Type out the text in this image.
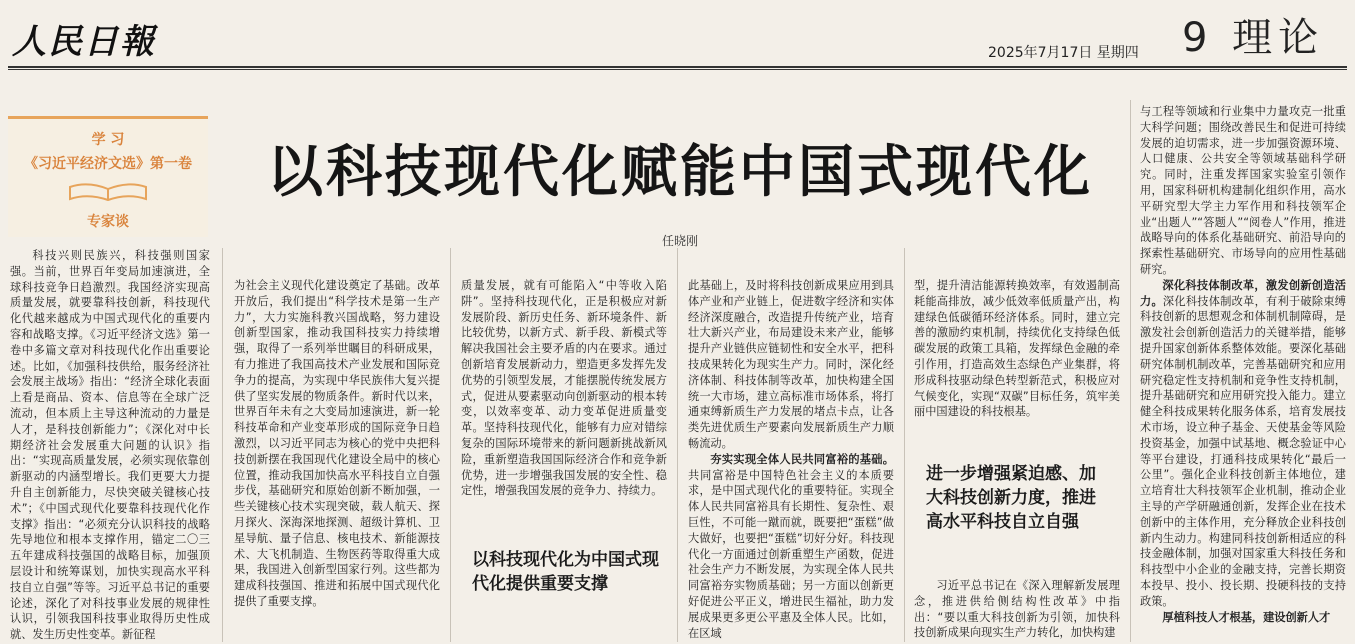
人民日報	2025年7月17日 星期四 9 理论
学 习
《习近平经济文选》第一卷
专家谈
以科技现代化赋能中国式现代化
任晓刚

科技兴则民族兴，科技强则国家强。当前，世界百年变局加速演进，全球科技竞争日趋激烈。我国经济实现高质量发展，就要靠科技创新，科技现代化代越来越成为中国式现代化的重要内容和战略支撑。《习近平经济文选》第一卷中多篇文章对科技现代化作出重要论述。比如，《加强科技供给，服务经济社会发展主战场》指出：“经济全球化表面上看是商品、资本、信息等在全球广泛流动，但本质上主导这种流动的力量是人才，是科技创新能力”；《深化对中长期经济社会发展重大问题的认识》指出：“实现高质量发展，必须实现依靠创新驱动的内涵型增长。我们更要大力提升自主创新能力，尽快突破关键核心技术”；《中国式现代化要靠科技现代化作支撑》指出：“必须充分认识科技的战略先导地位和根本支撑作用，锚定二〇三五年建成科技强国的战略目标，加强顶层设计和统筹谋划，加快实现高水平科技自立自强”等等。习近平总书记的重要论述，深化了对科技事业发展的规律性认识，引领我国科技事业取得历史性成就、发生历史性变革。新征程

为社会主义现代化建设奠定了基础。改革开放后，我们提出“科学技术是第一生产力”，大力实施科教兴国战略，努力建设创新型国家，推动我国科技实力持续增强，取得了一系列举世瞩目的科研成果，有力推进了我国高技术产业发展和国际竞争力的提高，为实现中华民族伟大复兴提供了坚实发展的物质条件。新时代以来，世界百年未有之大变局加速演进，新一轮科技革命和产业变革形成的国际竞争日趋激烈，以习近平同志为核心的党中央把科技创新摆在我国现代化建设全局中的核心位置，推动我国加快高水平科技自立自强步伐，基础研究和原始创新不断加强，一些关键核心技术实现突破，载人航天、探月探火、深海深地探测、超级计算机、卫星导航、量子信息、核电技术、新能源技术、大飞机制造、生物医药等取得重大成果，我国进入创新型国家行列。这些都为建成科技强国、推进和拓展中国式现代化提供了重要支撑。

质量发展，就有可能陷入“中等收入陷阱”。坚持科技现代化，正是积极应对新发展阶段、新历史任务、新环境条件、新比较优势，以新方式、新手段、新模式等解决我国社会主要矛盾的内在要求。通过创新培育发展新动力，塑造更多发挥先发优势的引领型发展，才能摆脱传统发展方式，促进从要素驱动向创新驱动的根本转变，以效率变革、动力变革促进质量变革。坚持科技现代化，能够有力应对错综复杂的国际环境带来的新问题新挑战新风险，重新塑造我国国际经济合作和竞争新优势，进一步增强我国发展的安全性、稳定性，增强我国发展的竞争力、持续力。

以科技现代化为中国式现代化提供重要支撑

此基础上，及时将科技创新成果应用到具体产业和产业链上，促进数字经济和实体经济深度融合，改造提升传统产业，培育壮大新兴产业，布局建设未来产业，能够提升产业链供应链韧性和安全水平，把科技成果转化为现实生产力。同时，深化经济体制、科技体制等改革，加快构建全国统一大市场，建立高标准市场体系，将打通束缚新质生产力发展的堵点卡点，让各类先进优质生产要素向发展新质生产力顺畅流动。

夯实实现全体人民共同富裕的基础。共同富裕是中国特色社会主义的本质要求，是中国式现代化的重要特征。实现全体人民共同富裕具有长期性、复杂性、艰巨性，不可能一蹴而就，既要把“蛋糕”做大做好，也要把“蛋糕”切好分好。科技现代化一方面通过创新重塑生产函数，促进社会生产力不断发展，为实现全体人民共同富裕夯实物质基础；另一方面以创新更好促进公平正义，增进民生福祉，助力发展成果更多更公平惠及全体人民。比如，在区域

型，提升清洁能源转换效率，有效遏制高耗能高排放，减少低效率低质量产出，构建绿色低碳循环经济体系。同时，建立完善的激励约束机制，持续优化支持绿色低碳发展的政策工具箱，发挥绿色金融的牵引作用，打造高效生态绿色产业集群，将形成科技驱动绿色转型新范式，积极应对气候变化，实现“双碳”目标任务，筑牢美丽中国建设的科技根基。

进一步增强紧迫感、加大科技创新力度，推进高水平科技自立自强

习近平总书记在《深入理解新发展理念，推进供给侧结构性改革》中指出：“要以重大科技创新为引领，加快科技创新成果向现实生产力转化，加快构建

与工程等领域和行业集中力量攻克一批重大科学问题；围绕改善民生和促进可持续发展的迫切需求，进一步加强资源环境、人口健康、公共安全等领域基础科学研究。同时，注重发挥国家实验室引领作用，国家科研机构建制化组织作用，高水平研究型大学主力军作用和科技领军企业“出题人”“答题人”“阅卷人”作用，推进战略导向的体系化基础研究、前沿导向的探索性基础研究、市场导向的应用性基础研究。

深化科技体制改革，激发创新创造活力。深化科技体制改革，有利于破除束缚科技创新的思想观念和体制机制障碍，是激发社会创新创造活力的关键举措，能够提升国家创新体系整体效能。要深化基础研究体制机制改革，完善基础研究和应用研究稳定性支持机制和竞争性支持机制，提升基础研究和应用研究投入能力。建立健全科技成果转化服务体系，培育发展技术市场，设立种子基金、天使基金等风险投资基金，加强中试基地、概念验证中心等平台建设，打通科技成果转化“最后一公里”。强化企业科技创新主体地位，建立培育壮大科技领军企业机制，推动企业主导的产学研融通创新，发挥企业在技术创新中的主体作用，充分释放企业科技创新内生动力。构建同科技创新相适应的科技金融体制，加强对国家重大科技任务和科技型中小企业的金融支持，完善长期资本投早、投小、投长期、投硬科技的支持政策。

厚植科技人才根基，建设创新人才
